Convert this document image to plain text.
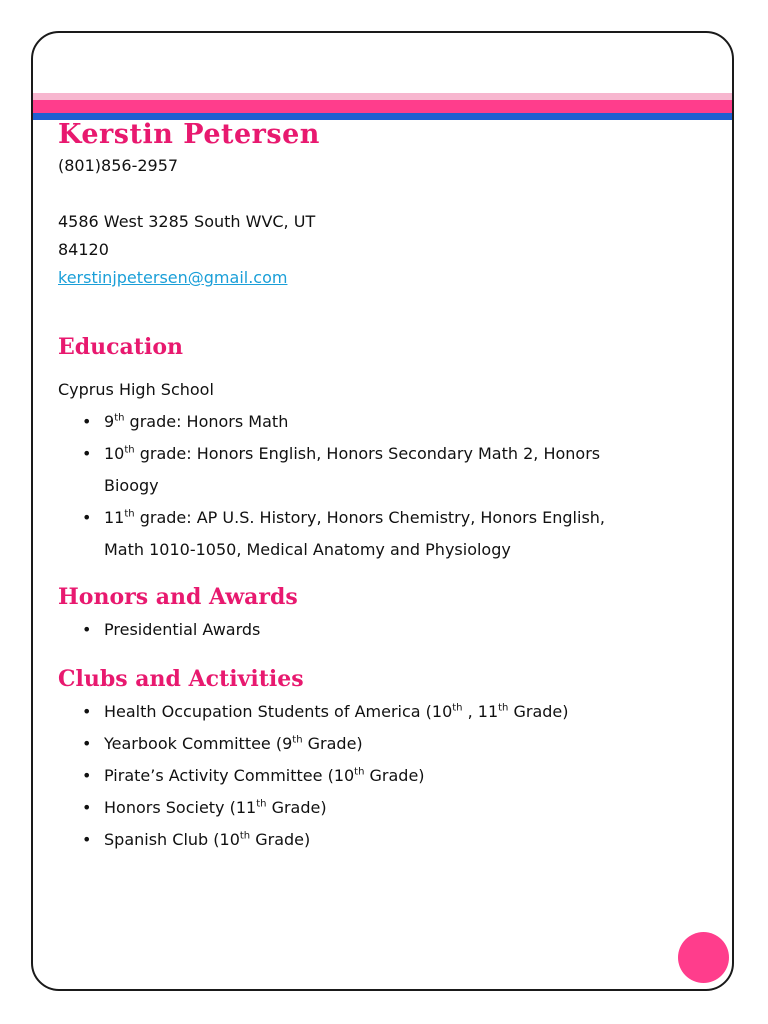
Kerstin Petersen

(801)856-2957

4586 West 3285 South WVC, UT

84120

kerstinjpetersen@gmail.com

Education

Cyprus High School

• 9th grade: Honors Math
• 10th grade: Honors English, Honors Secondary Math 2, Honors
Bioogy
• 11th grade: AP U.S. History, Honors Chemistry, Honors English,
Math 1010-1050, Medical Anatomy and Physiology
Honors and Awards
• Presidential Awards
Clubs and Activities
• Health Occupation Students of America (10th , 11th Grade)
• Yearbook Committee (9th Grade)
• Pirate’s Activity Committee (10th Grade)
• Honors Society (11th Grade)
• Spanish Club (10th Grade)
